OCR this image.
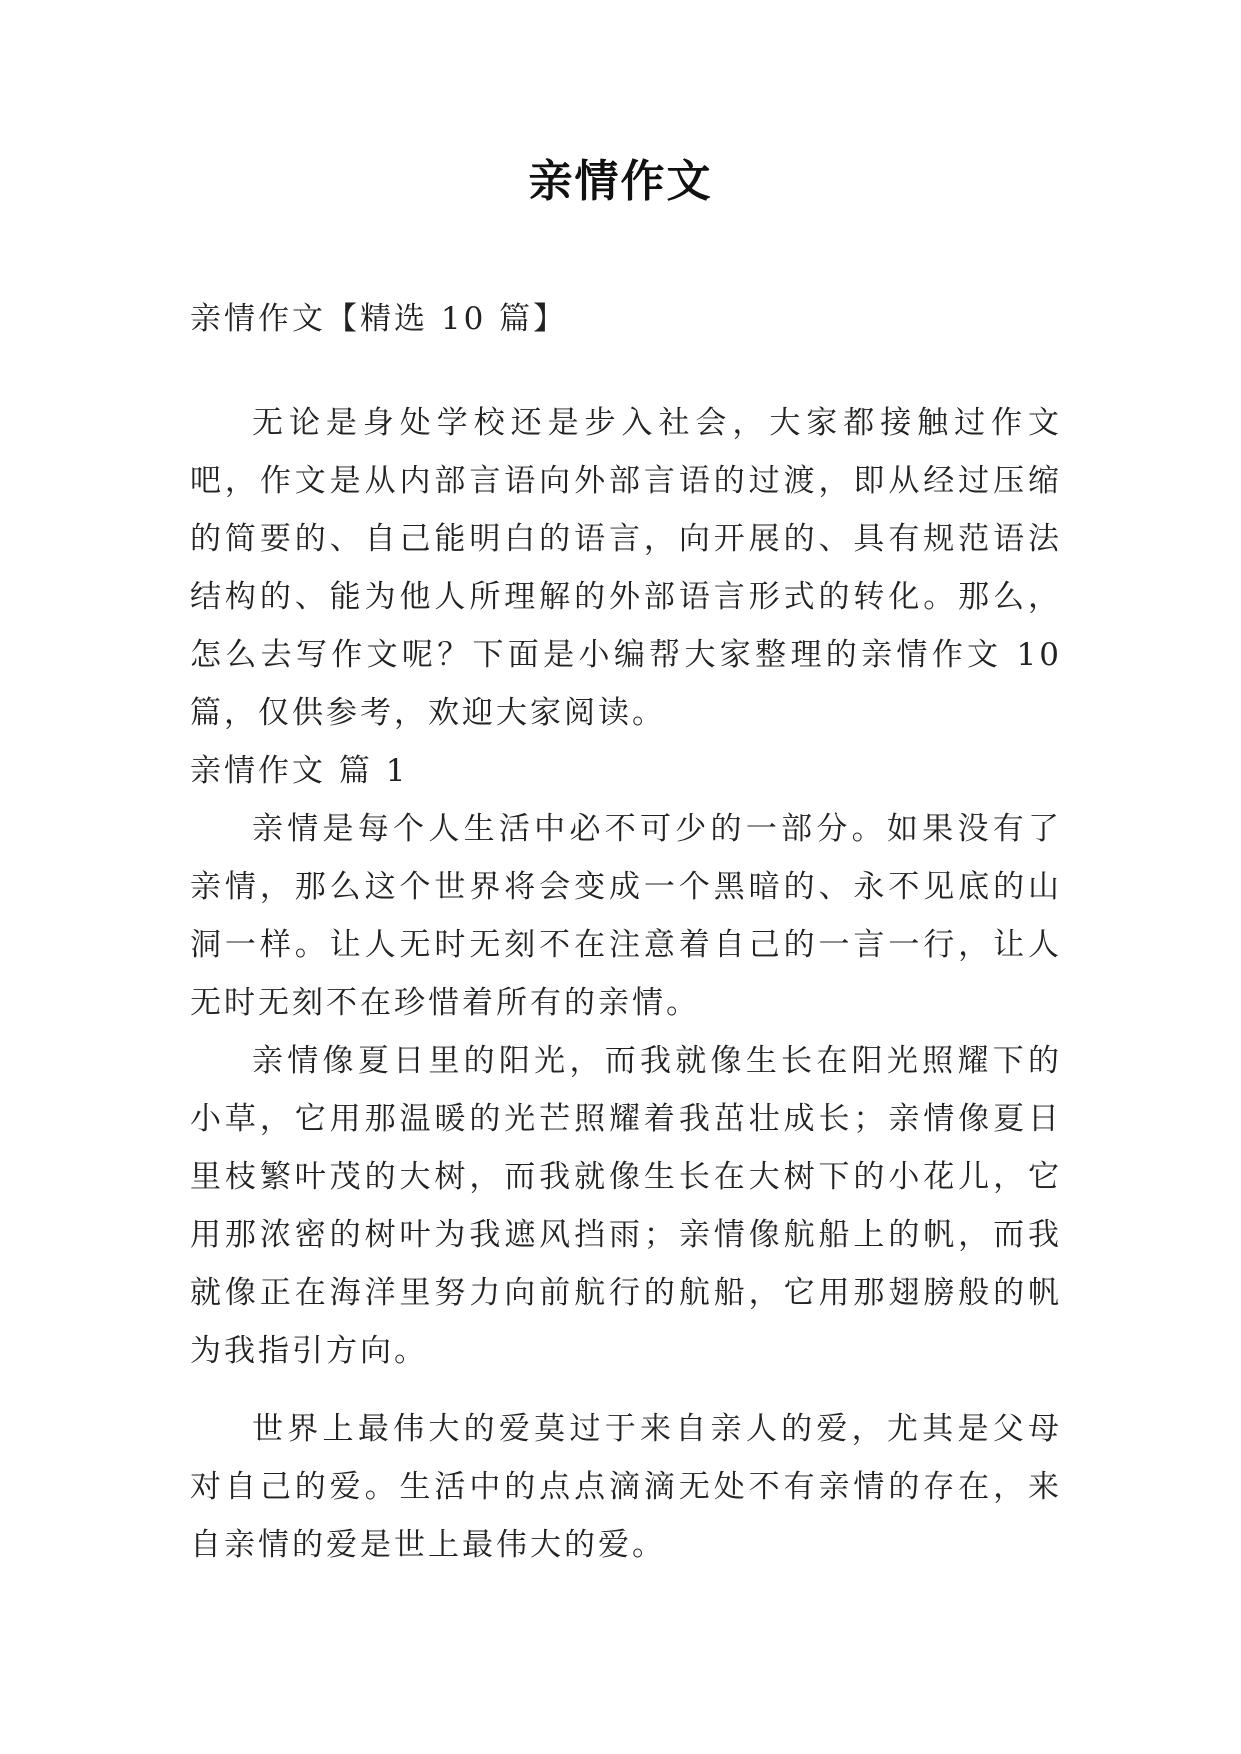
亲情作文

亲情作文【精选 10 篇】

无论是身处学校还是步入社会，大家都接触过作文吧，作文是从内部言语向外部言语的过渡，即从经过压缩的简要的、自己能明白的语言，向开展的、具有规范语法结构的、能为他人所理解的外部语言形式的转化。那么，怎么去写作文呢？下面是小编帮大家整理的亲情作文 10 篇，仅供参考，欢迎大家阅读。

亲情作文 篇 1

亲情是每个人生活中必不可少的一部分。如果没有了亲情，那么这个世界将会变成一个黑暗的、永不见底的山洞一样。让人无时无刻不在注意着自己的一言一行，让人无时无刻不在珍惜着所有的亲情。

亲情像夏日里的阳光，而我就像生长在阳光照耀下的小草，它用那温暖的光芒照耀着我茁壮成长；亲情像夏日里枝繁叶茂的大树，而我就像生长在大树下的小花儿，它用那浓密的树叶为我遮风挡雨；亲情像航船上的帆，而我就像正在海洋里努力向前航行的航船，它用那翅膀般的帆为我指引方向。

世界上最伟大的爱莫过于来自亲人的爱，尤其是父母对自己的爱。生活中的点点滴滴无处不有亲情的存在，来自亲情的爱是世上最伟大的爱。
